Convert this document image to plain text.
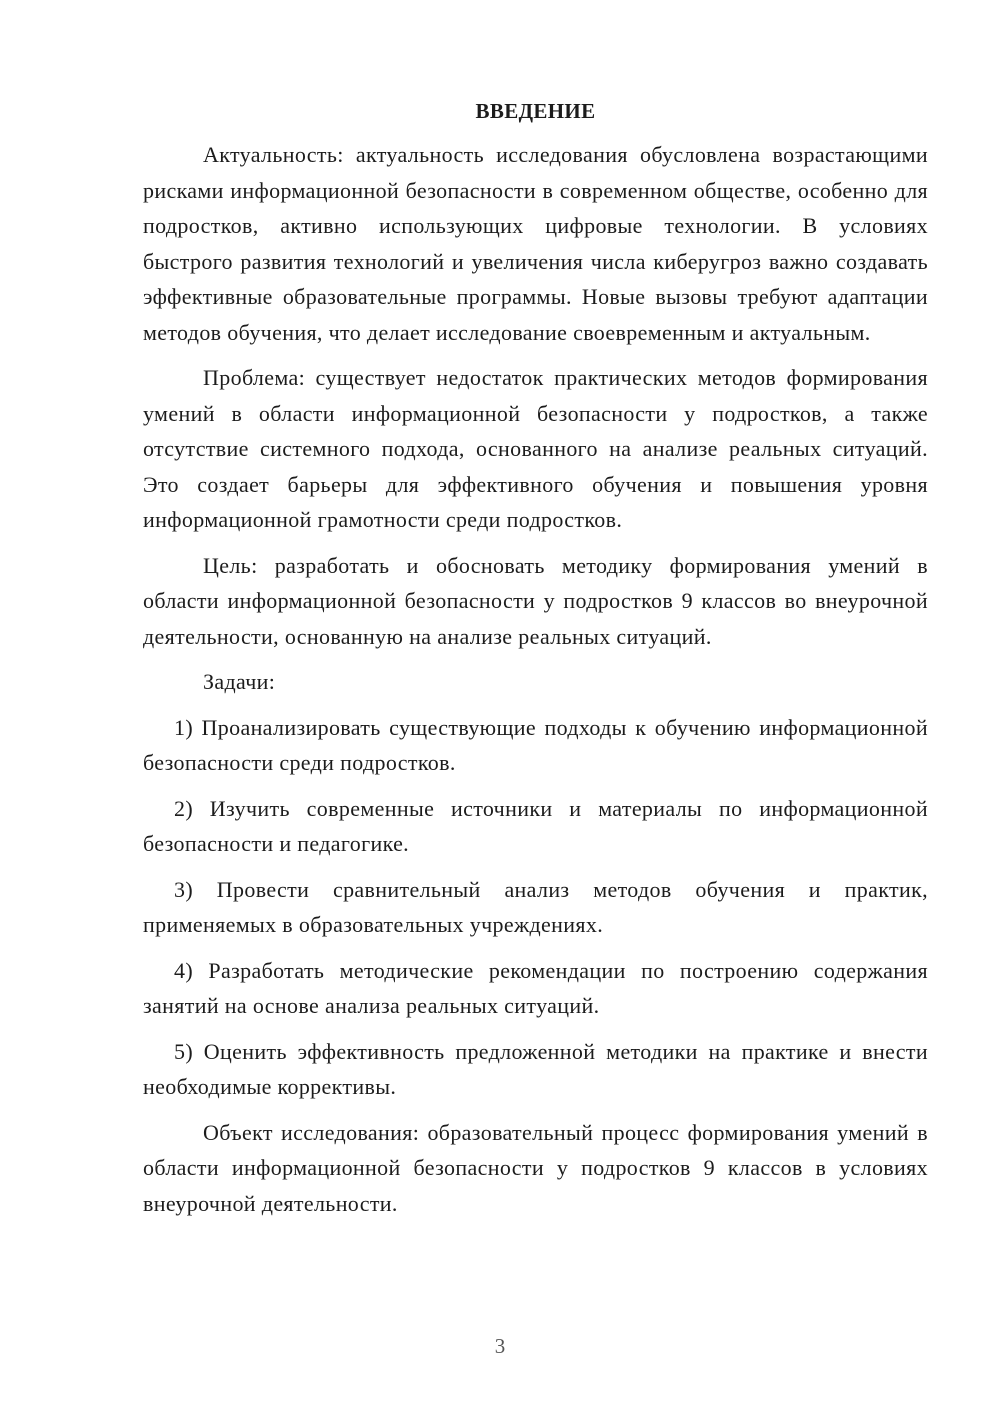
ВВЕДЕНИЕ

Актуальность: актуальность исследования обусловлена возрастающими рисками информационной безопасности в современном обществе, особенно для подростков, активно использующих цифровые технологии. В условиях быстрого развития технологий и увеличения числа киберугроз важно создавать эффективные образовательные программы. Новые вызовы требуют адаптации методов обучения, что делает исследование своевременным и актуальным.

Проблема: существует недостаток практических методов формирования умений в области информационной безопасности у подростков, а также отсутствие системного подхода, основанного на анализе реальных ситуаций. Это создает барьеры для эффективного обучения и повышения уровня информационной грамотности среди подростков.

Цель: разработать и обосновать методику формирования умений в области информационной безопасности у подростков 9 классов во внеурочной деятельности, основанную на анализе реальных ситуаций.

Задачи:

1) Проанализировать существующие подходы к обучению информационной безопасности среди подростков.

2) Изучить современные источники и материалы по информационной безопасности и педагогике.

3) Провести сравнительный анализ методов обучения и практик, применяемых в образовательных учреждениях.

4) Разработать методические рекомендации по построению содержания занятий на основе анализа реальных ситуаций.

5) Оценить эффективность предложенной методики на практике и внести необходимые коррективы.

Объект исследования: образовательный процесс формирования умений в области информационной безопасности у подростков 9 классов в условиях внеурочной деятельности.

3
